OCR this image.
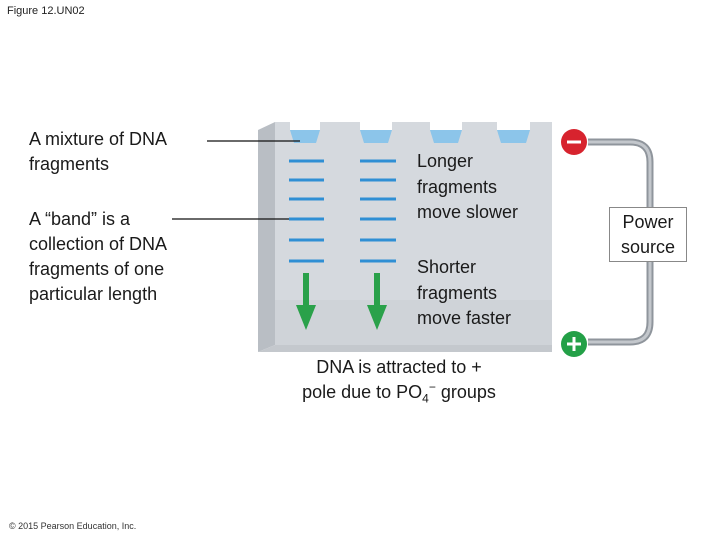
Figure 12.UN02
A mixture of DNA
fragments
A “band” is a
collection of DNA
fragments of one
particular length
Longer
fragments
move slower
Shorter
fragments
move faster
Power
source
DNA is attracted to +
pole due to $PO_4^-$ groups
© 2015 Pearson Education, Inc.
